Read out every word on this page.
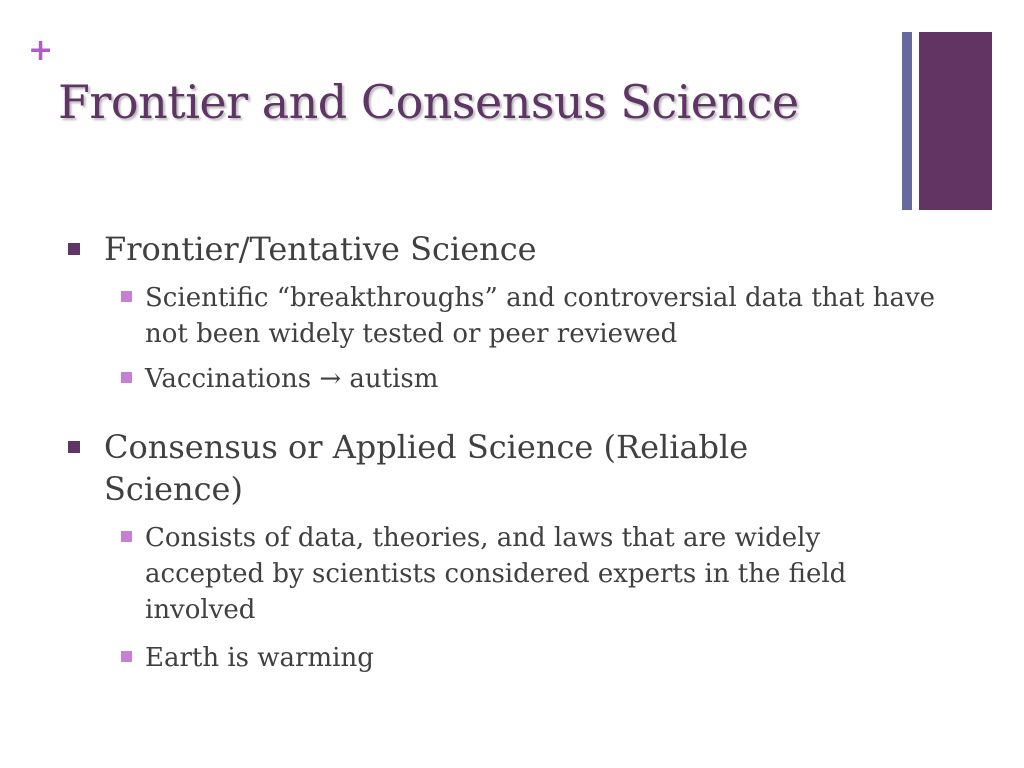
+
Frontier and Consensus Science
Frontier/Tentative Science
Scientific “breakthroughs” and controversial data that have not been widely tested or peer reviewed
Vaccinations → autism
Consensus or Applied Science (Reliable Science)
Consists of data, theories, and laws that are widely accepted by scientists considered experts in the field involved
Earth is warming
